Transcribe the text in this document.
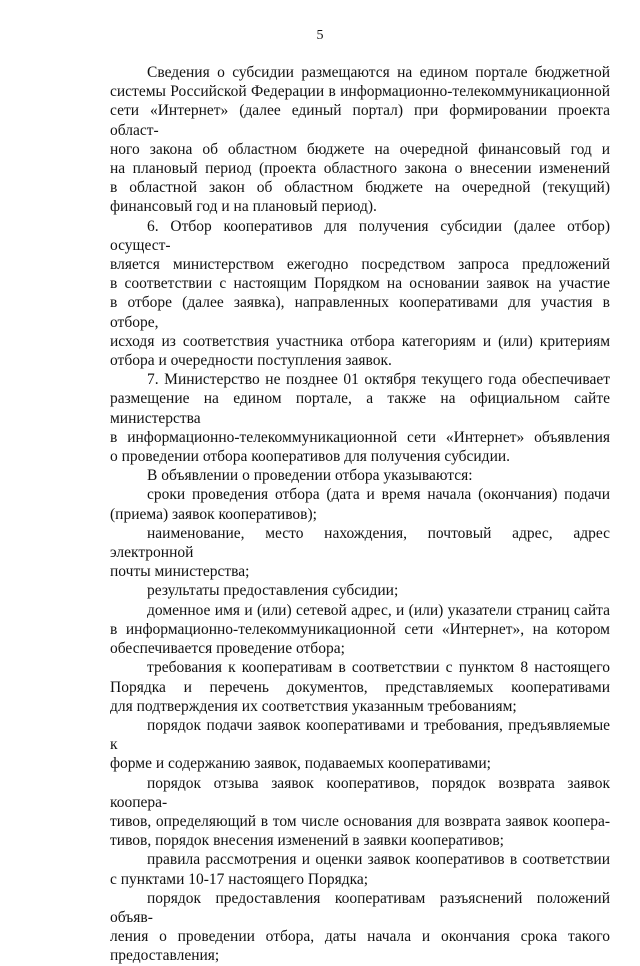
5

Сведения о субсидии размещаются на едином портале бюджетной
системы Российской Федерации в информационно-телекоммуникационной
сети «Интернет» (далее единый портал) при формировании проекта област-
ного закона об областном бюджете на очередной финансовый год и
на плановый период (проекта областного закона о внесении изменений
в областной закон об областном бюджете на очередной (текущий)
финансовый год и на плановый период).

6. Отбор кооперативов для получения субсидии (далее отбор) осущест-
вляется министерством ежегодно посредством запроса предложений
в соответствии с настоящим Порядком на основании заявок на участие
в отборе (далее заявка), направленных кооперативами для участия в отборе,
исходя из соответствия участника отбора категориям и (или) критериям
отбора и очередности поступления заявок.

7. Министерство не позднее 01 октября текущего года обеспечивает
размещение на едином портале, а также на официальном сайте министерства
в информационно-телекоммуникационной сети «Интернет» объявления
о проведении отбора кооперативов для получения субсидии.

В объявлении о проведении отбора указываются:

сроки проведения отбора (дата и время начала (окончания) подачи
(приема) заявок кооперативов);

наименование, место нахождения, почтовый адрес, адрес электронной
почты министерства;

результаты предоставления субсидии;

доменное имя и (или) сетевой адрес, и (или) указатели страниц сайта
в информационно-телекоммуникационной сети «Интернет», на котором
обеспечивается проведение отбора;

требования к кооперативам в соответствии с пунктом 8 настоящего
Порядка и перечень документов, представляемых кооперативами
для подтверждения их соответствия указанным требованиям;

порядок подачи заявок кооперативами и требования, предъявляемые к
форме и содержанию заявок, подаваемых кооперативами;

порядок отзыва заявок кооперативов, порядок возврата заявок коопера-
тивов, определяющий в том числе основания для возврата заявок коопера-
тивов, порядок внесения изменений в заявки кооперативов;

правила рассмотрения и оценки заявок кооперативов в соответствии
с пунктами 10-17 настоящего Порядка;

порядок предоставления кооперативам разъяснений положений объяв-
ления о проведении отбора, даты начала и окончания срока такого
предоставления;
